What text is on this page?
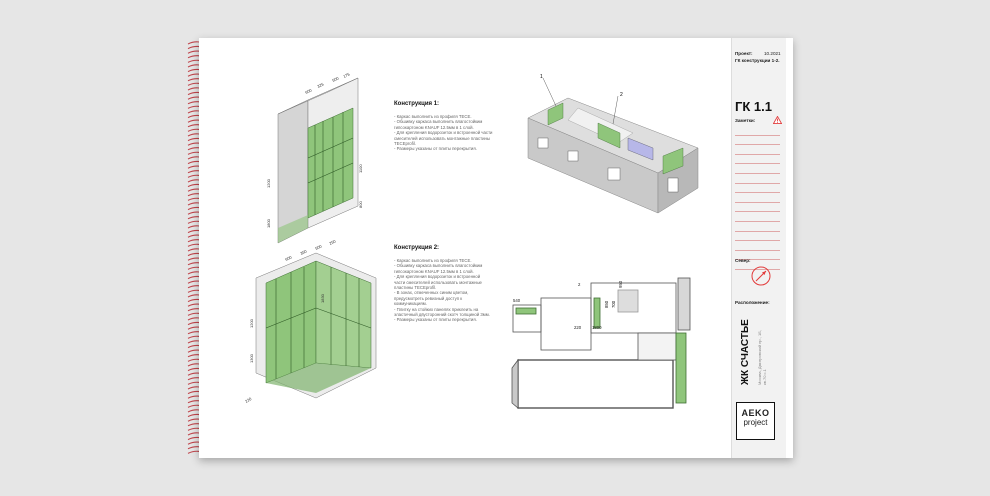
600
325
500
175
1200
1800
1100
800
600
350
500
250
1200
1300
220
1830
1
2
540
2
220	1800
850 700
950
Конструкция 1:
- Каркас выполнить из профиля TECE.
- Обшивку каркаса выполнить влагостойким гипсокартоном KNAUF 12.5мм в 1 слой.
- Для крепления водорозеток и встроенной части смесителей использовать монтажные пластины TECEprofil.
- Размеры указаны от плиты перекрытия.
Конструкция 2:
- Каркас выполнить из профиля TECE.
- Обшивку каркаса выполнить влагостойким гипсокартоном KNAUF 12.5мм в 1 слой.
- Для крепления водорозеток и встроенной части смесителей использовать монтажные пластины TECEprofil.
- В зонах, отмеченных синим цветом, предусмотреть ревизный доступ к коммуникациям.
- Плитку на стойких панелях приклеить на эластичный двусторонний скотч толщиной 3мм.
- Размеры указаны от плиты перекрытия.
Проект: 10.2021
ГК конструкции 1-2.
ГК 1.1
Заметки:
Север:
Расположение:
ЖК СЧАСТЬЕ Москва, Дмитровский пр., 1Б, кв.70 с.1
AEKO
project
